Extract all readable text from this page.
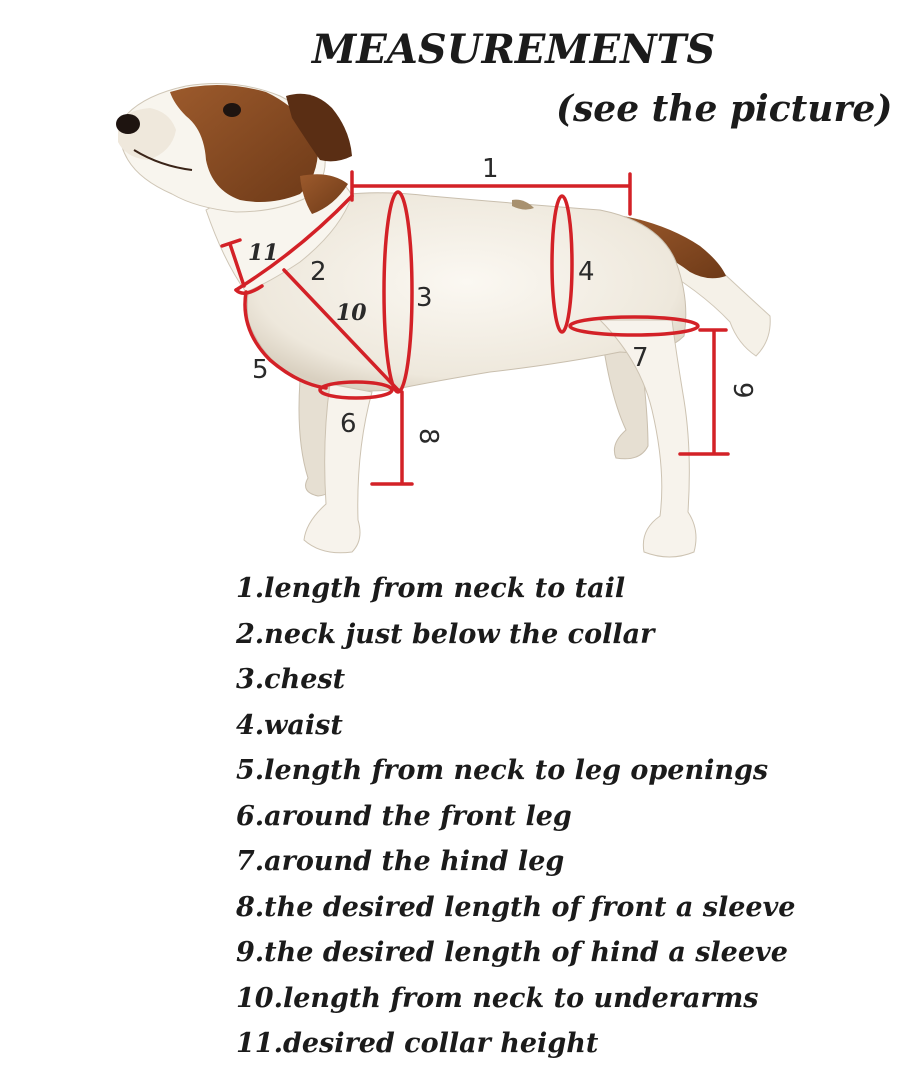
MEASUREMENTS
(see the picture)
1
11
2
10 3
4
5
6
7
8
9
1.length from neck to tail
2.neck just below the collar
3.chest
4.waist
5.length from neck to leg openings
6.around the front leg
7.around the hind leg
8.the desired length of front a sleeve
9.the desired length of hind a sleeve
10.length from neck to underarms
11.desired collar height
